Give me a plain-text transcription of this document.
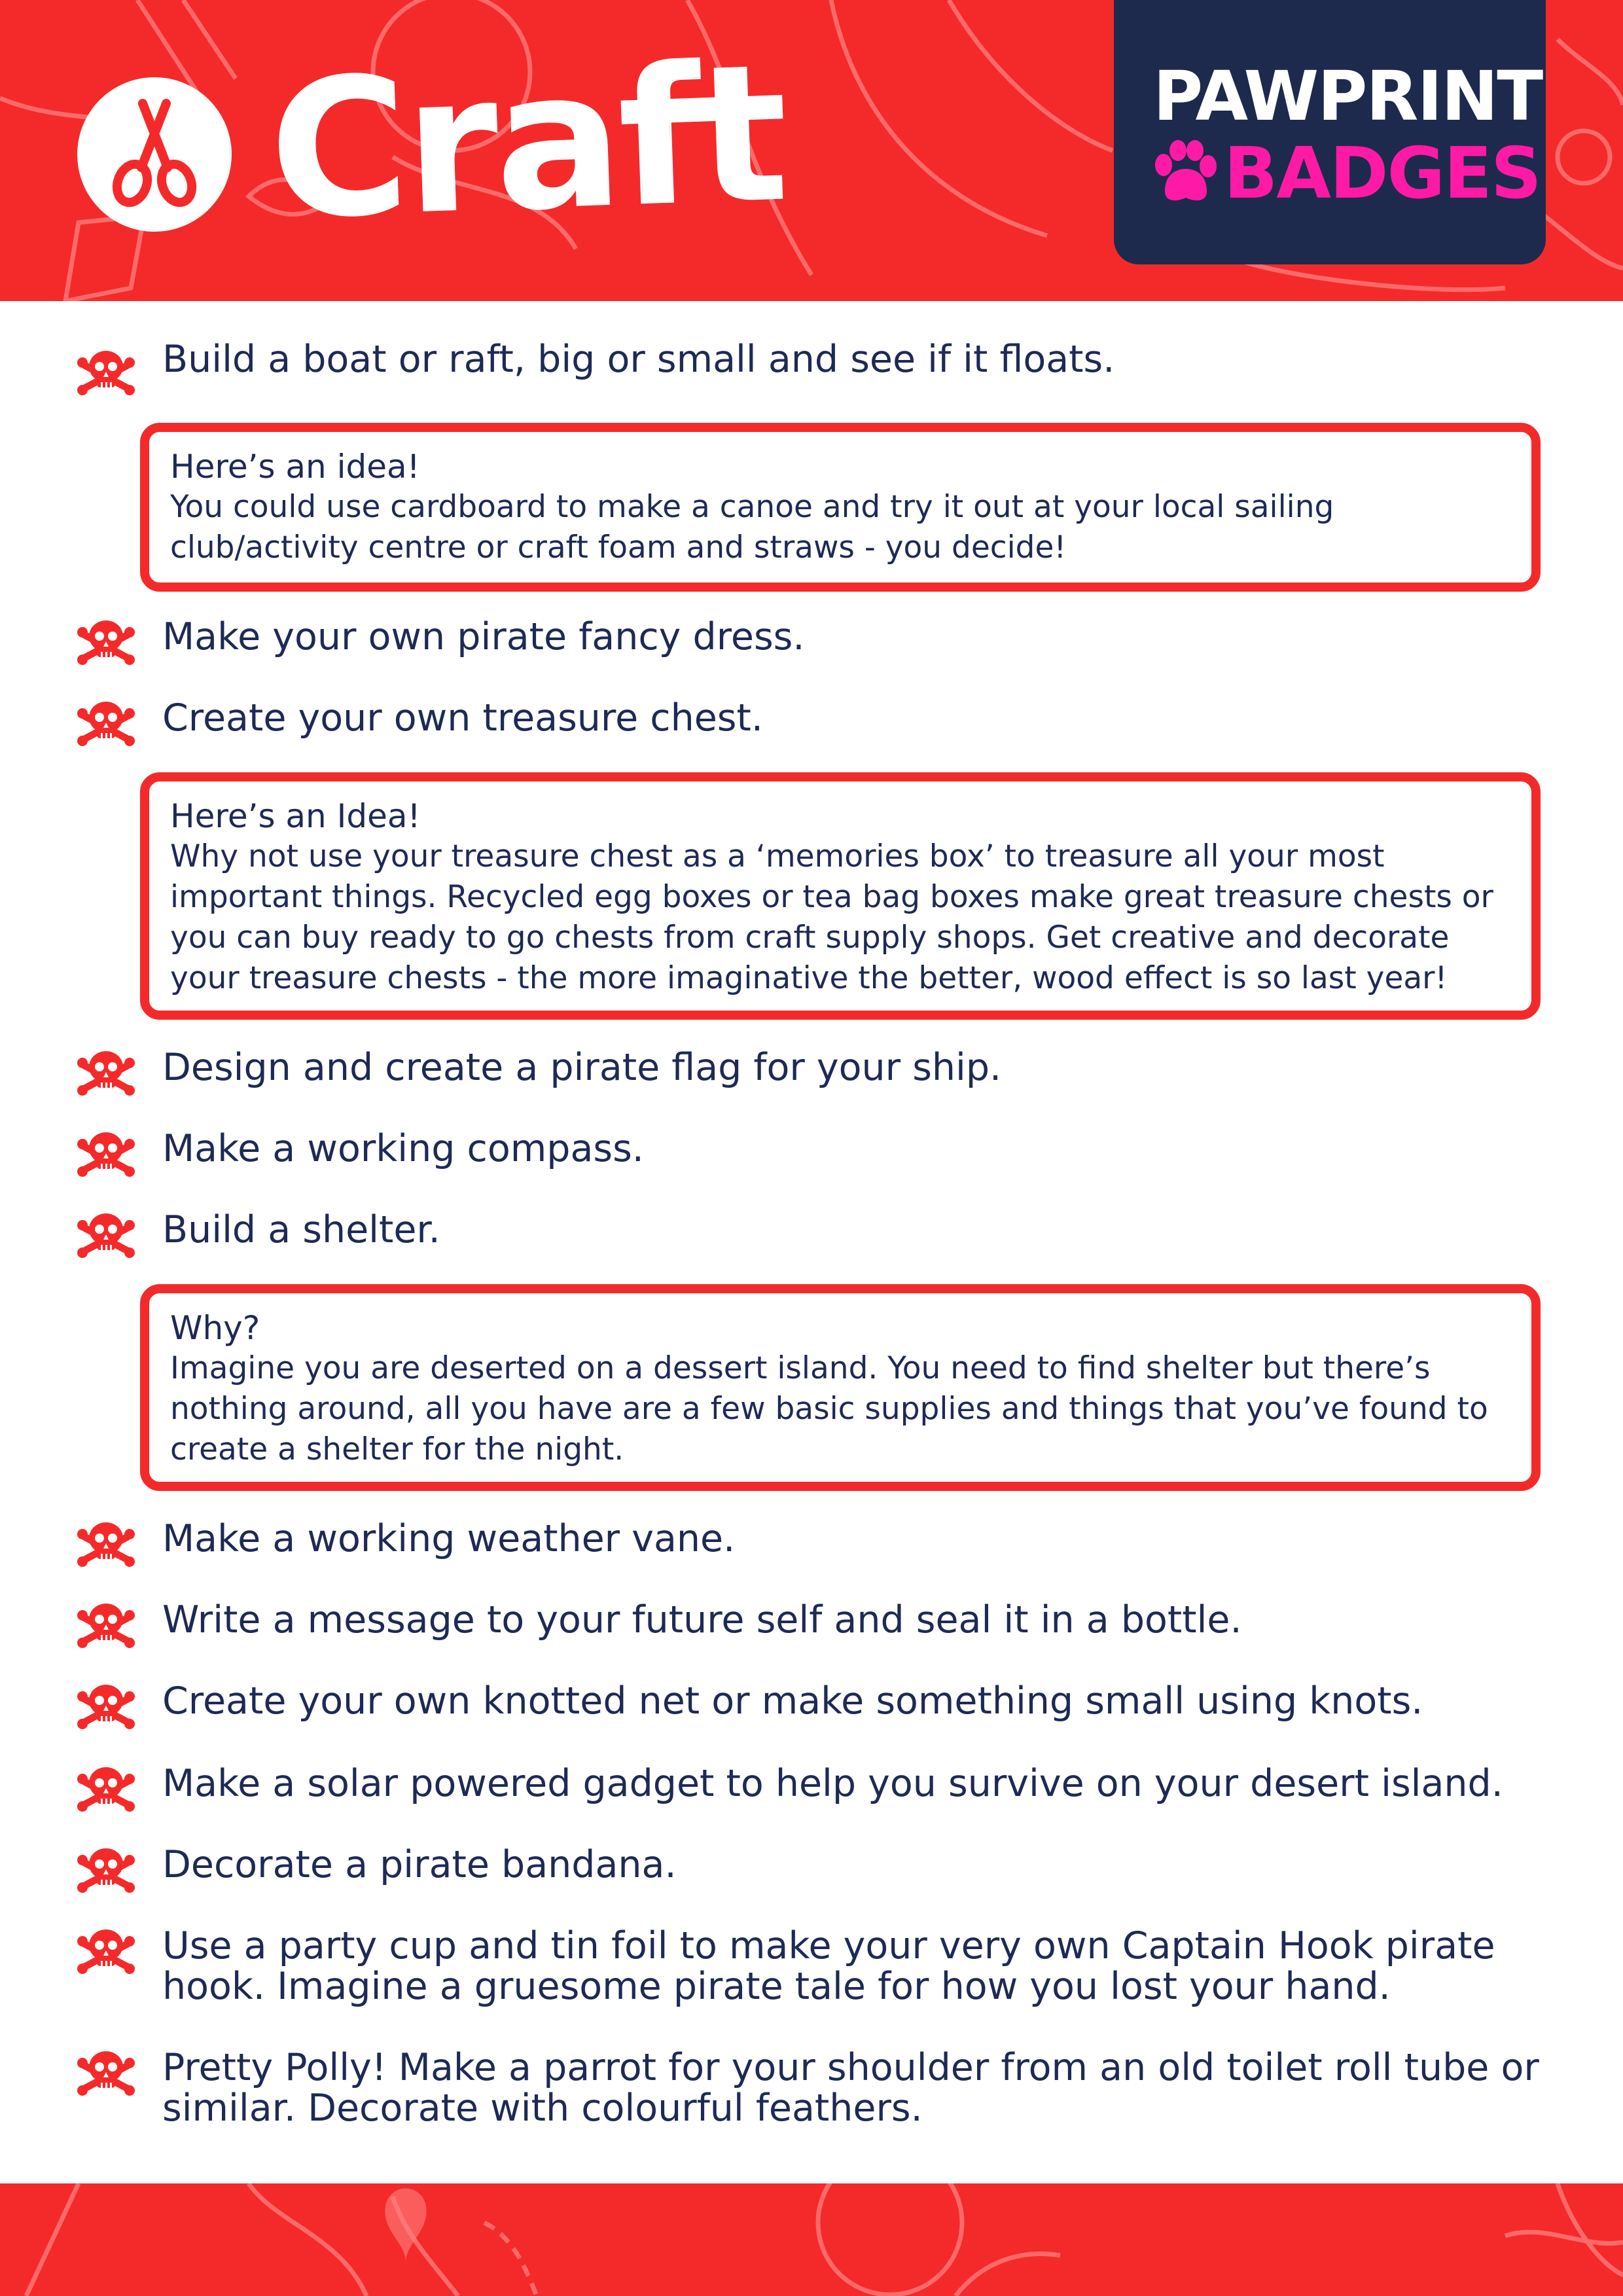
Craft	PAWPRINT
BADGES
Build a boat or raft, big or small and see if it floats.
Here’s an idea!
You could use cardboard to make a canoe and try it out at your local sailing club/activity centre or craft foam and straws - you decide!
Make your own pirate fancy dress.
Create your own treasure chest.
Here’s an Idea!
Why not use your treasure chest as a ‘memories box’ to treasure all your most important things. Recycled egg boxes or tea bag boxes make great treasure chests or you can buy ready to go chests from craft supply shops. Get creative and decorate your treasure chests - the more imaginative the better, wood effect is so last year!
Design and create a pirate flag for your ship.
Make a working compass.
Build a shelter.
Why?
Imagine you are deserted on a dessert island. You need to find shelter but there’s nothing around, all you have are a few basic supplies and things that you’ve found to create a shelter for the night.
Make a working weather vane.
Write a message to your future self and seal it in a bottle.
Create your own knotted net or make something small using knots.
Make a solar powered gadget to help you survive on your desert island.
Decorate a pirate bandana.
Use a party cup and tin foil to make your very own Captain Hook pirate hook. Imagine a gruesome pirate tale for how you lost your hand.
Pretty Polly! Make a parrot for your shoulder from an old toilet roll tube or similar. Decorate with colourful feathers.
